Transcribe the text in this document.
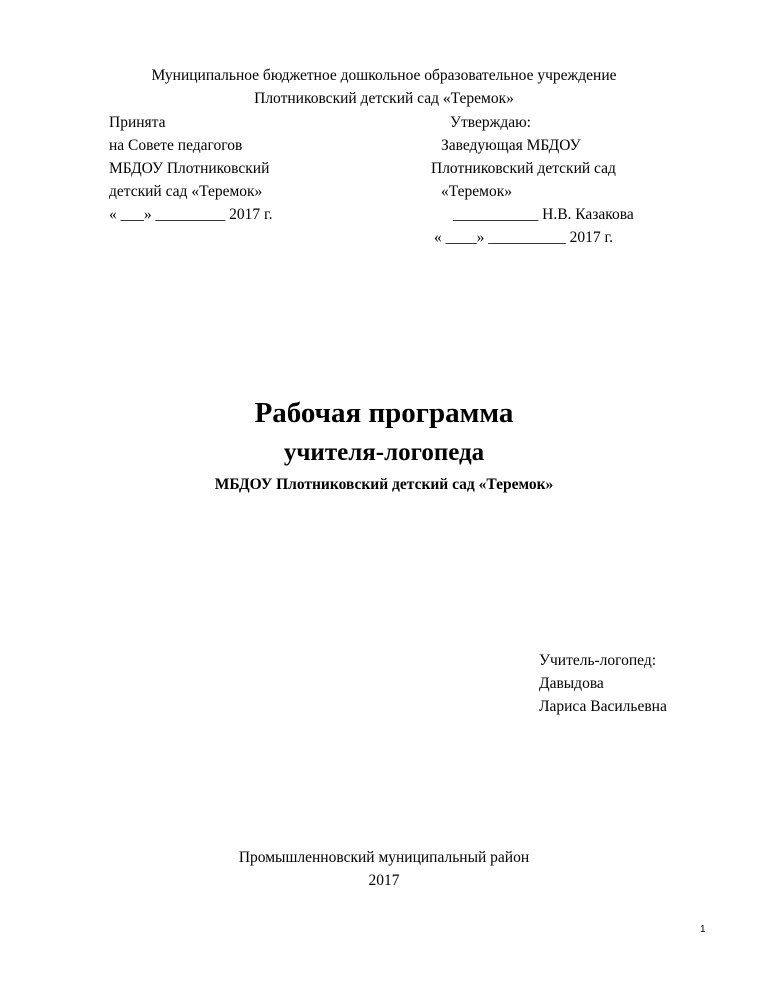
Муниципальное бюджетное дошкольное образовательное учреждение
Плотниковский детский сад «Теремок»
Принята
на Совете педагогов
МБДОУ Плотниковский
детский сад «Теремок»
« ___» _________ 2017 г.
Утверждаю:
Заведующая МБДОУ
Плотниковский детский сад
«Теремок»
___________ Н.В. Казакова
« ____» __________ 2017 г.
Рабочая программа
учителя-логопеда
МБДОУ Плотниковский детский сад «Теремок»
Учитель-логопед:
Давыдова
Лариса Васильевна
Промышленновский муниципальный район
2017
1
